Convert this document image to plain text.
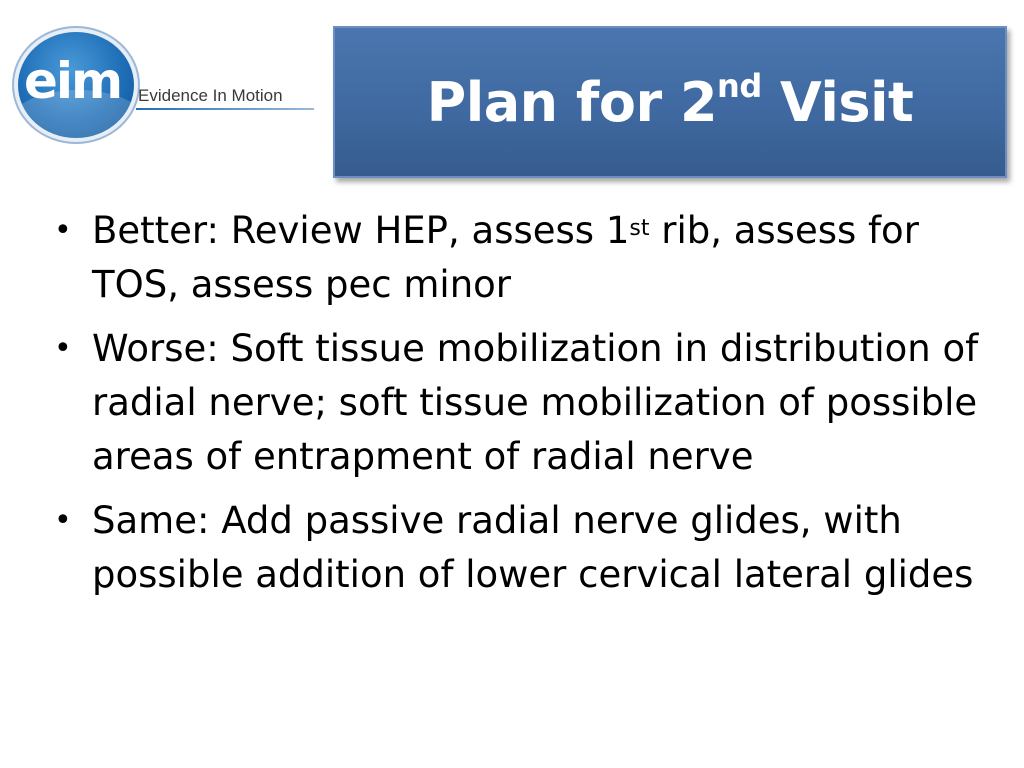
eim Evidence In Motion	Plan for 2nd Visit
• Better: Review HEP, assess 1st rib, assess for TOS, assess pec minor
• Worse: Soft tissue mobilization in distribution of radial nerve; soft tissue mobilization of possible areas of entrapment of radial nerve
• Same: Add passive radial nerve glides, with possible addition of lower cervical lateral glides
